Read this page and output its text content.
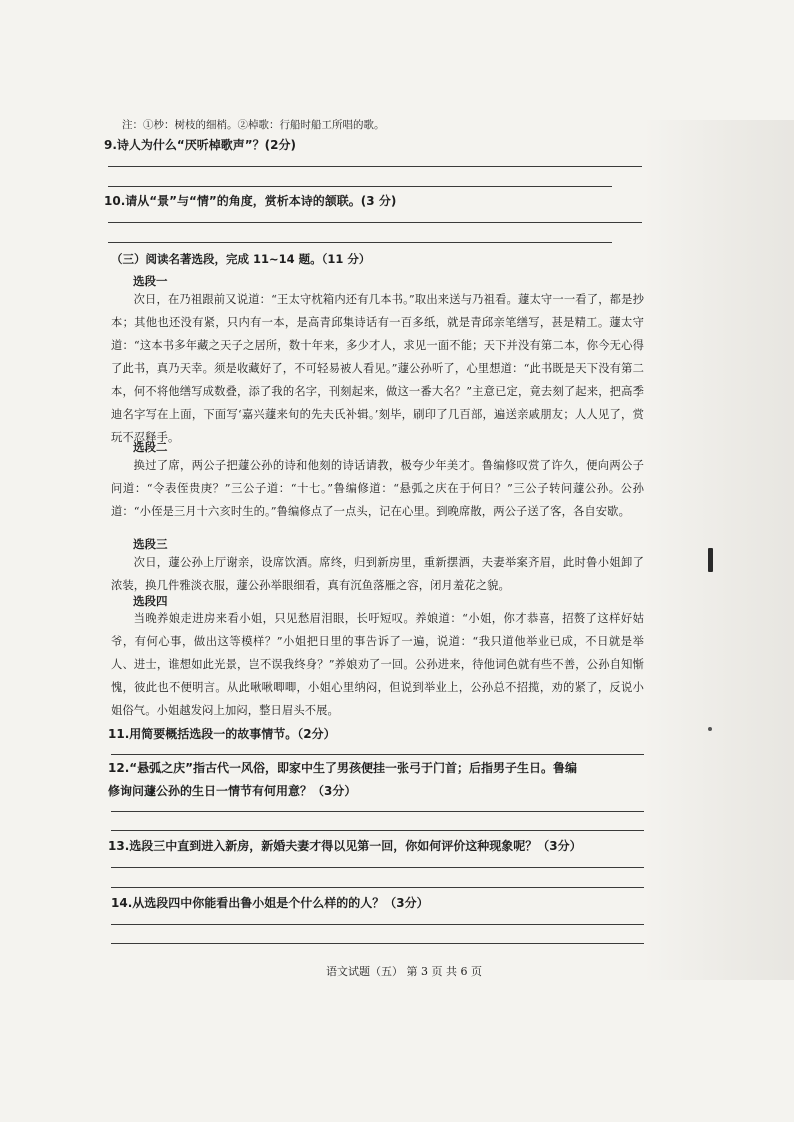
注：①杪：树枝的细梢。②棹歌：行船时船工所唱的歌。
9.诗人为什么“厌听棹歌声”？(2分)
10.请从“景”与“情”的角度，赏析本诗的颔联。(3 分)
（三）阅读名著选段，完成 11~14 题。（11 分）
选段一

次日，在乃祖跟前又说道：“王太守枕箱内还有几本书。”取出来送与乃祖看。蘧太守一一看了，都是抄本；其他也还没有紧，只内有一本，是高青邱集诗话有一百多纸，就是青邱亲笔缮写，甚是精工。蘧太守道：“这本书多年藏之天子之居所，数十年来，多少才人，求见一面不能；天下并没有第二本，你今无心得了此书，真乃天幸。须是收藏好了，不可轻易被人看见。”蘧公孙听了，心里想道：“此书既是天下没有第二本，何不将他缮写成数叠，添了我的名字，刊刻起来，做这一番大名？”主意已定，竟去刻了起来，把高季迪名字写在上面，下面写‘嘉兴蘧来旬的先夫氏补辑。’刻毕，刷印了几百部，遍送亲戚朋友；人人见了，赏玩不忍释手。

选段二

换过了席，两公子把蘧公孙的诗和他刻的诗话请教，极夸少年美才。鲁编修叹赏了许久，便向两公子问道：“令表侄贵庚？”三公子道：“十七。”鲁编修道：“悬弧之庆在于何日？”三公子转问蘧公孙。公孙道：“小侄是三月十六亥时生的。”鲁编修点了一点头，记在心里。到晚席散，两公子送了客，各自安歇。

选段三

次日，蘧公孙上厅谢亲，设席饮酒。席终，归到新房里，重新摆酒，夫妻举案齐眉，此时鲁小姐卸了浓装，换几件雅淡衣服，蘧公孙举眼细看，真有沉鱼落雁之容，闭月羞花之貌。

选段四

当晚养娘走进房来看小姐，只见愁眉泪眼，长吁短叹。养娘道：“小姐，你才恭喜，招赘了这样好姑爷，有何心事，做出这等模样？”小姐把日里的事告诉了一遍，说道：“我只道他举业已成，不日就是举人、进士，谁想如此光景，岂不误我终身？”养娘劝了一回。公孙进来，待他词色就有些不善，公孙自知惭愧，彼此也不便明言。从此啾啾唧唧，小姐心里纳闷，但说到举业上，公孙总不招揽，劝的紧了，反说小姐俗气。小姐越发闷上加闷，整日眉头不展。

11.用简要概括选段一的故事情节。（2分）
12.“悬弧之庆”指古代一风俗，即家中生了男孩便挂一张弓于门首；后指男子生日。鲁编
修询问蘧公孙的生日一情节有何用意？（3分）
13.选段三中直到进入新房，新婚夫妻才得以见第一回，你如何评价这种现象呢？（3分）
14.从选段四中你能看出鲁小姐是个什么样的的人？（3分）
语文试题（五） 第 3 页 共 6 页
